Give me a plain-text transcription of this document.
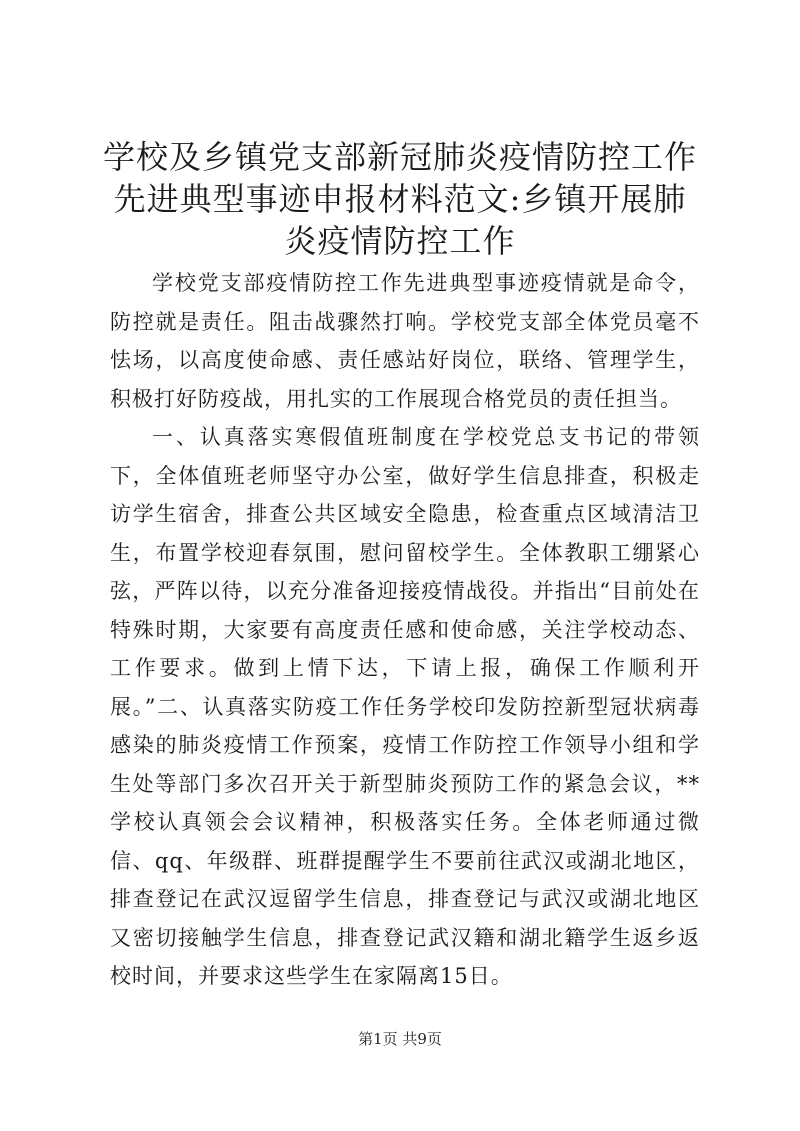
学校及乡镇党支部新冠肺炎疫情防控工作先进典型事迹申报材料范文:乡镇开展肺炎疫情防控工作

学校党支部疫情防控工作先进典型事迹疫情就是命令，防控就是责任。阻击战骤然打响。学校党支部全体党员毫不怯场，以高度使命感、责任感站好岗位，联络、管理学生，积极打好防疫战，用扎实的工作展现合格党员的责任担当。

一、认真落实寒假值班制度在学校党总支书记的带领下，全体值班老师坚守办公室，做好学生信息排查，积极走访学生宿舍，排查公共区域安全隐患，检查重点区域清洁卫生，布置学校迎春氛围，慰问留校学生。全体教职工绷紧心弦，严阵以待，以充分准备迎接疫情战役。并指出“目前处在特殊时期，大家要有高度责任感和使命感，关注学校动态、工作要求。做到上情下达，下请上报，确保工作顺利开展。”二、认真落实防疫工作任务学校印发防控新型冠状病毒感染的肺炎疫情工作预案，疫情工作防控工作领导小组和学生处等部门多次召开关于新型肺炎预防工作的紧急会议，**学校认真领会会议精神，积极落实任务。全体老师通过微信、qq、年级群、班群提醒学生不要前往武汉或湖北地区，排查登记在武汉逗留学生信息，排查登记与武汉或湖北地区又密切接触学生信息，排查登记武汉籍和湖北籍学生返乡返校时间，并要求这些学生在家隔离15日。

第1页 共9页
